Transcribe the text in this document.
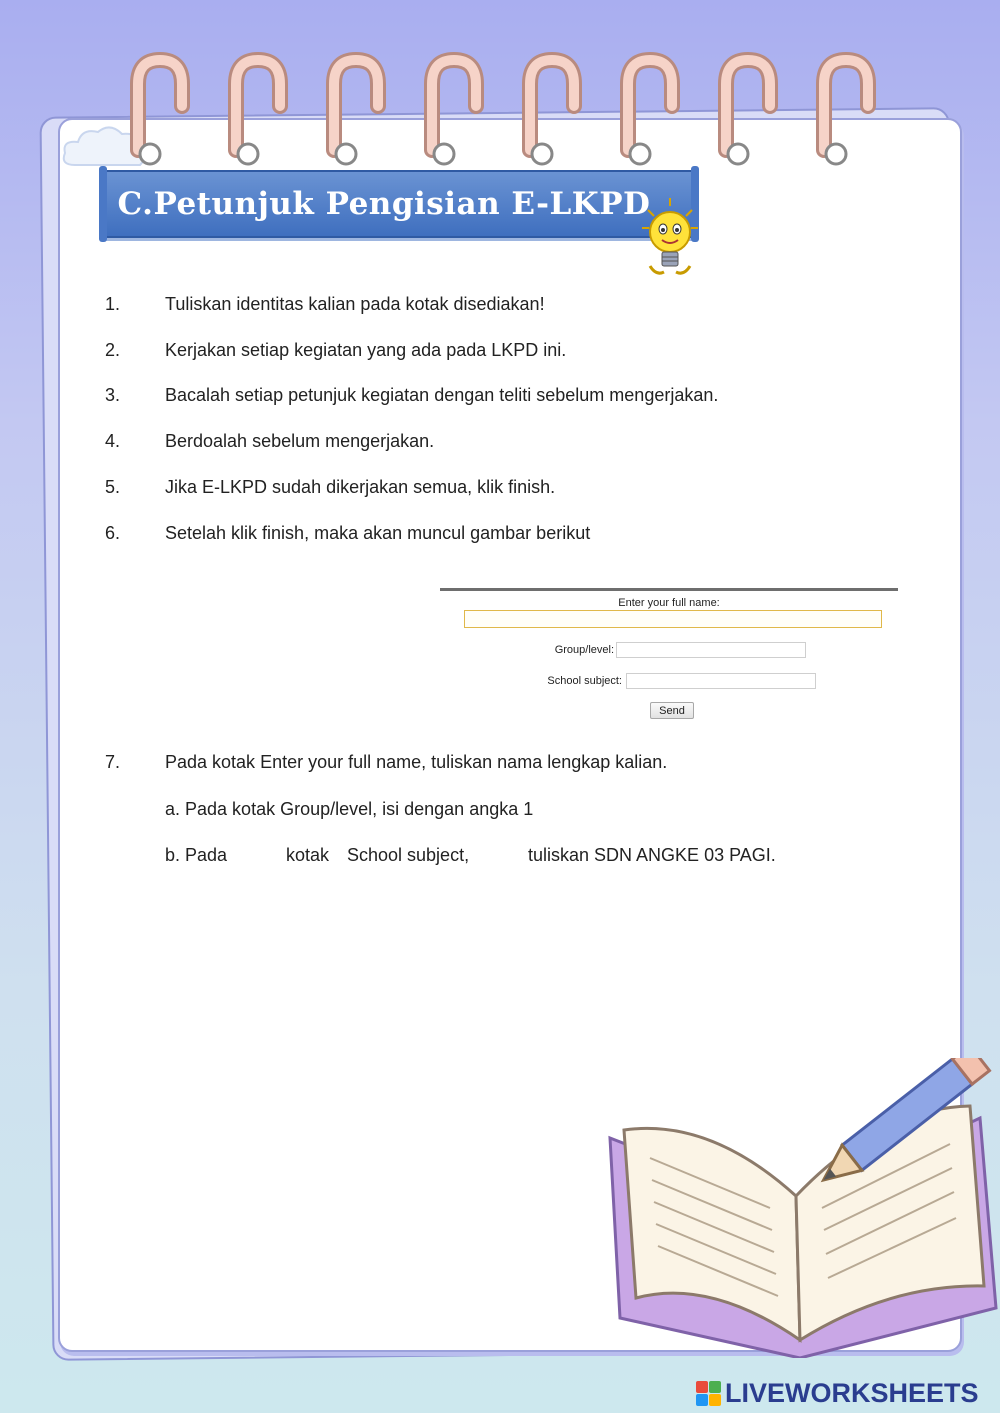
C.Petunjuk Pengisian E-LKPD
1.	Tuliskan identitas kalian pada kotak disediakan!
2.	Kerjakan setiap kegiatan yang ada pada LKPD ini.
3.	Bacalah setiap petunjuk kegiatan dengan teliti sebelum mengerjakan.
4.	Berdoalah sebelum mengerjakan.
5.	Jika E-LKPD sudah dikerjakan semua, klik finish.
6.	Setelah klik finish, maka akan muncul gambar berikut
Enter your full name:
Group/level:
School subject:
Send
7.	Pada kotak Enter your full name, tuliskan nama lengkap kalian.
a. Pada kotak Group/level, isi dengan angka 1
b. Pada	kotak School subject,	tuliskan SDN ANGKE 03 PAGI.
LIVEWORKSHEETS
